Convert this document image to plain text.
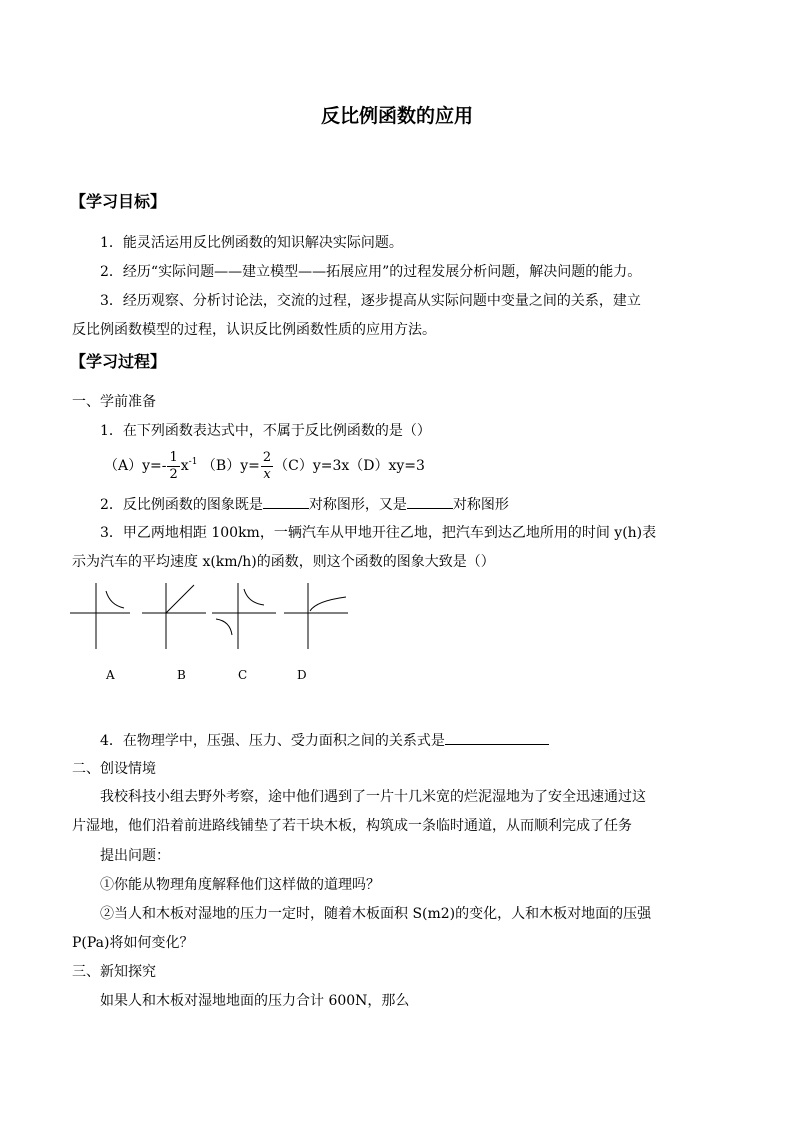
反比例函数的应用
【学习目标】
1．能灵活运用反比例函数的知识解决实际问题。
2．经历“实际问题——建立模型——拓展应用”的过程发展分析问题，解决问题的能力。
3．经历观察、分析讨论法，交流的过程，逐步提高从实际问题中变量之间的关系，建立
反比例函数模型的过程，认识反比例函数性质的应用方法。
【学习过程】
一、学前准备
1．在下列函数表达式中，不属于反比例函数的是（）
$(A)y=- \frac{1}{2} x^{-1}$ $(B)y= \frac{2}{x} (C)y=3x(D)xy=3$
2．反比例函数的图象既是	对称图形，又是	对称图形
3．甲乙两地相距 100km，一辆汽车从甲地开往乙地，把汽车到达乙地所用的时间 y(h)表
示为汽车的平均速度 x(km/h)的函数，则这个函数的图象大致是（）
A	B	C	D
4．在物理学中，压强、压力、受力面积之间的关系式是
二、创设情境
我校科技小组去野外考察，途中他们遇到了一片十几米宽的烂泥湿地为了安全迅速通过这
片湿地，他们沿着前进路线铺垫了若干块木板，构筑成一条临时通道，从而顺利完成了任务
提出问题：
①你能从物理角度解释他们这样做的道理吗？
②当人和木板对湿地的压力一定时，随着木板面积 S(m2)的变化，人和木板对地面的压强
P(Pa)将如何变化？
三、新知探究
如果人和木板对湿地地面的压力合计 600N，那么
